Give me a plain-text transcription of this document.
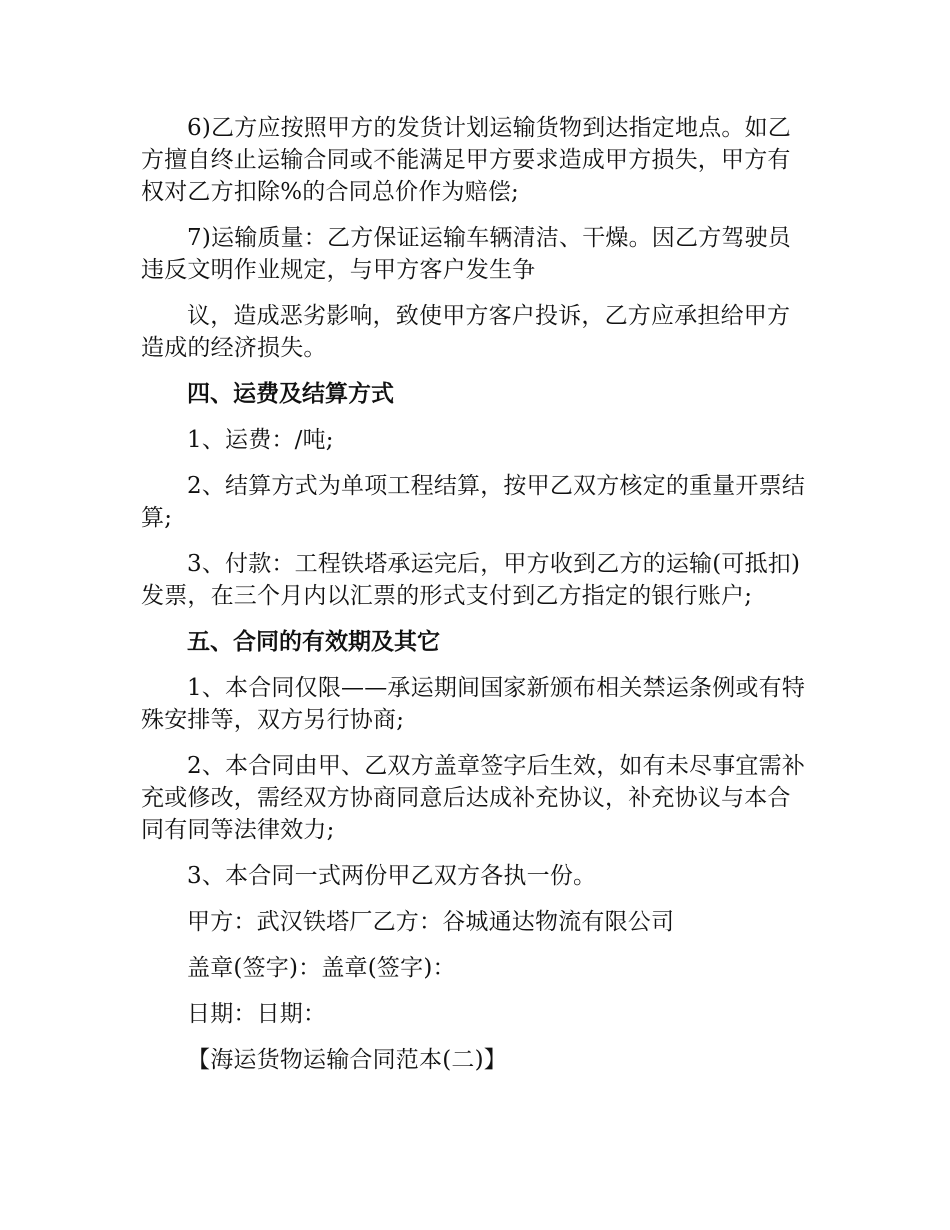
6)乙方应按照甲方的发货计划运输货物到达指定地点。如乙方擅自终止运输合同或不能满足甲方要求造成甲方损失，甲方有权对乙方扣除%的合同总价作为赔偿;

7)运输质量：乙方保证运输车辆清洁、干燥。因乙方驾驶员违反文明作业规定，与甲方客户发生争

议，造成恶劣影响，致使甲方客户投诉，乙方应承担给甲方造成的经济损失。

四、运费及结算方式

1、运费：/吨;

2、结算方式为单项工程结算，按甲乙双方核定的重量开票结算;

3、付款：工程铁塔承运完后，甲方收到乙方的运输(可抵扣)发票，在三个月内以汇票的形式支付到乙方指定的银行账户;

五、合同的有效期及其它

1、本合同仅限——承运期间国家新颁布相关禁运条例或有特殊安排等，双方另行协商;

2、本合同由甲、乙双方盖章签字后生效，如有未尽事宜需补充或修改，需经双方协商同意后达成补充协议，补充协议与本合同有同等法律效力;

3、本合同一式两份甲乙双方各执一份。

甲方：武汉铁塔厂乙方：谷城通达物流有限公司

盖章(签字)：盖章(签字)：

日期：日期：

【海运货物运输合同范本(二)】
